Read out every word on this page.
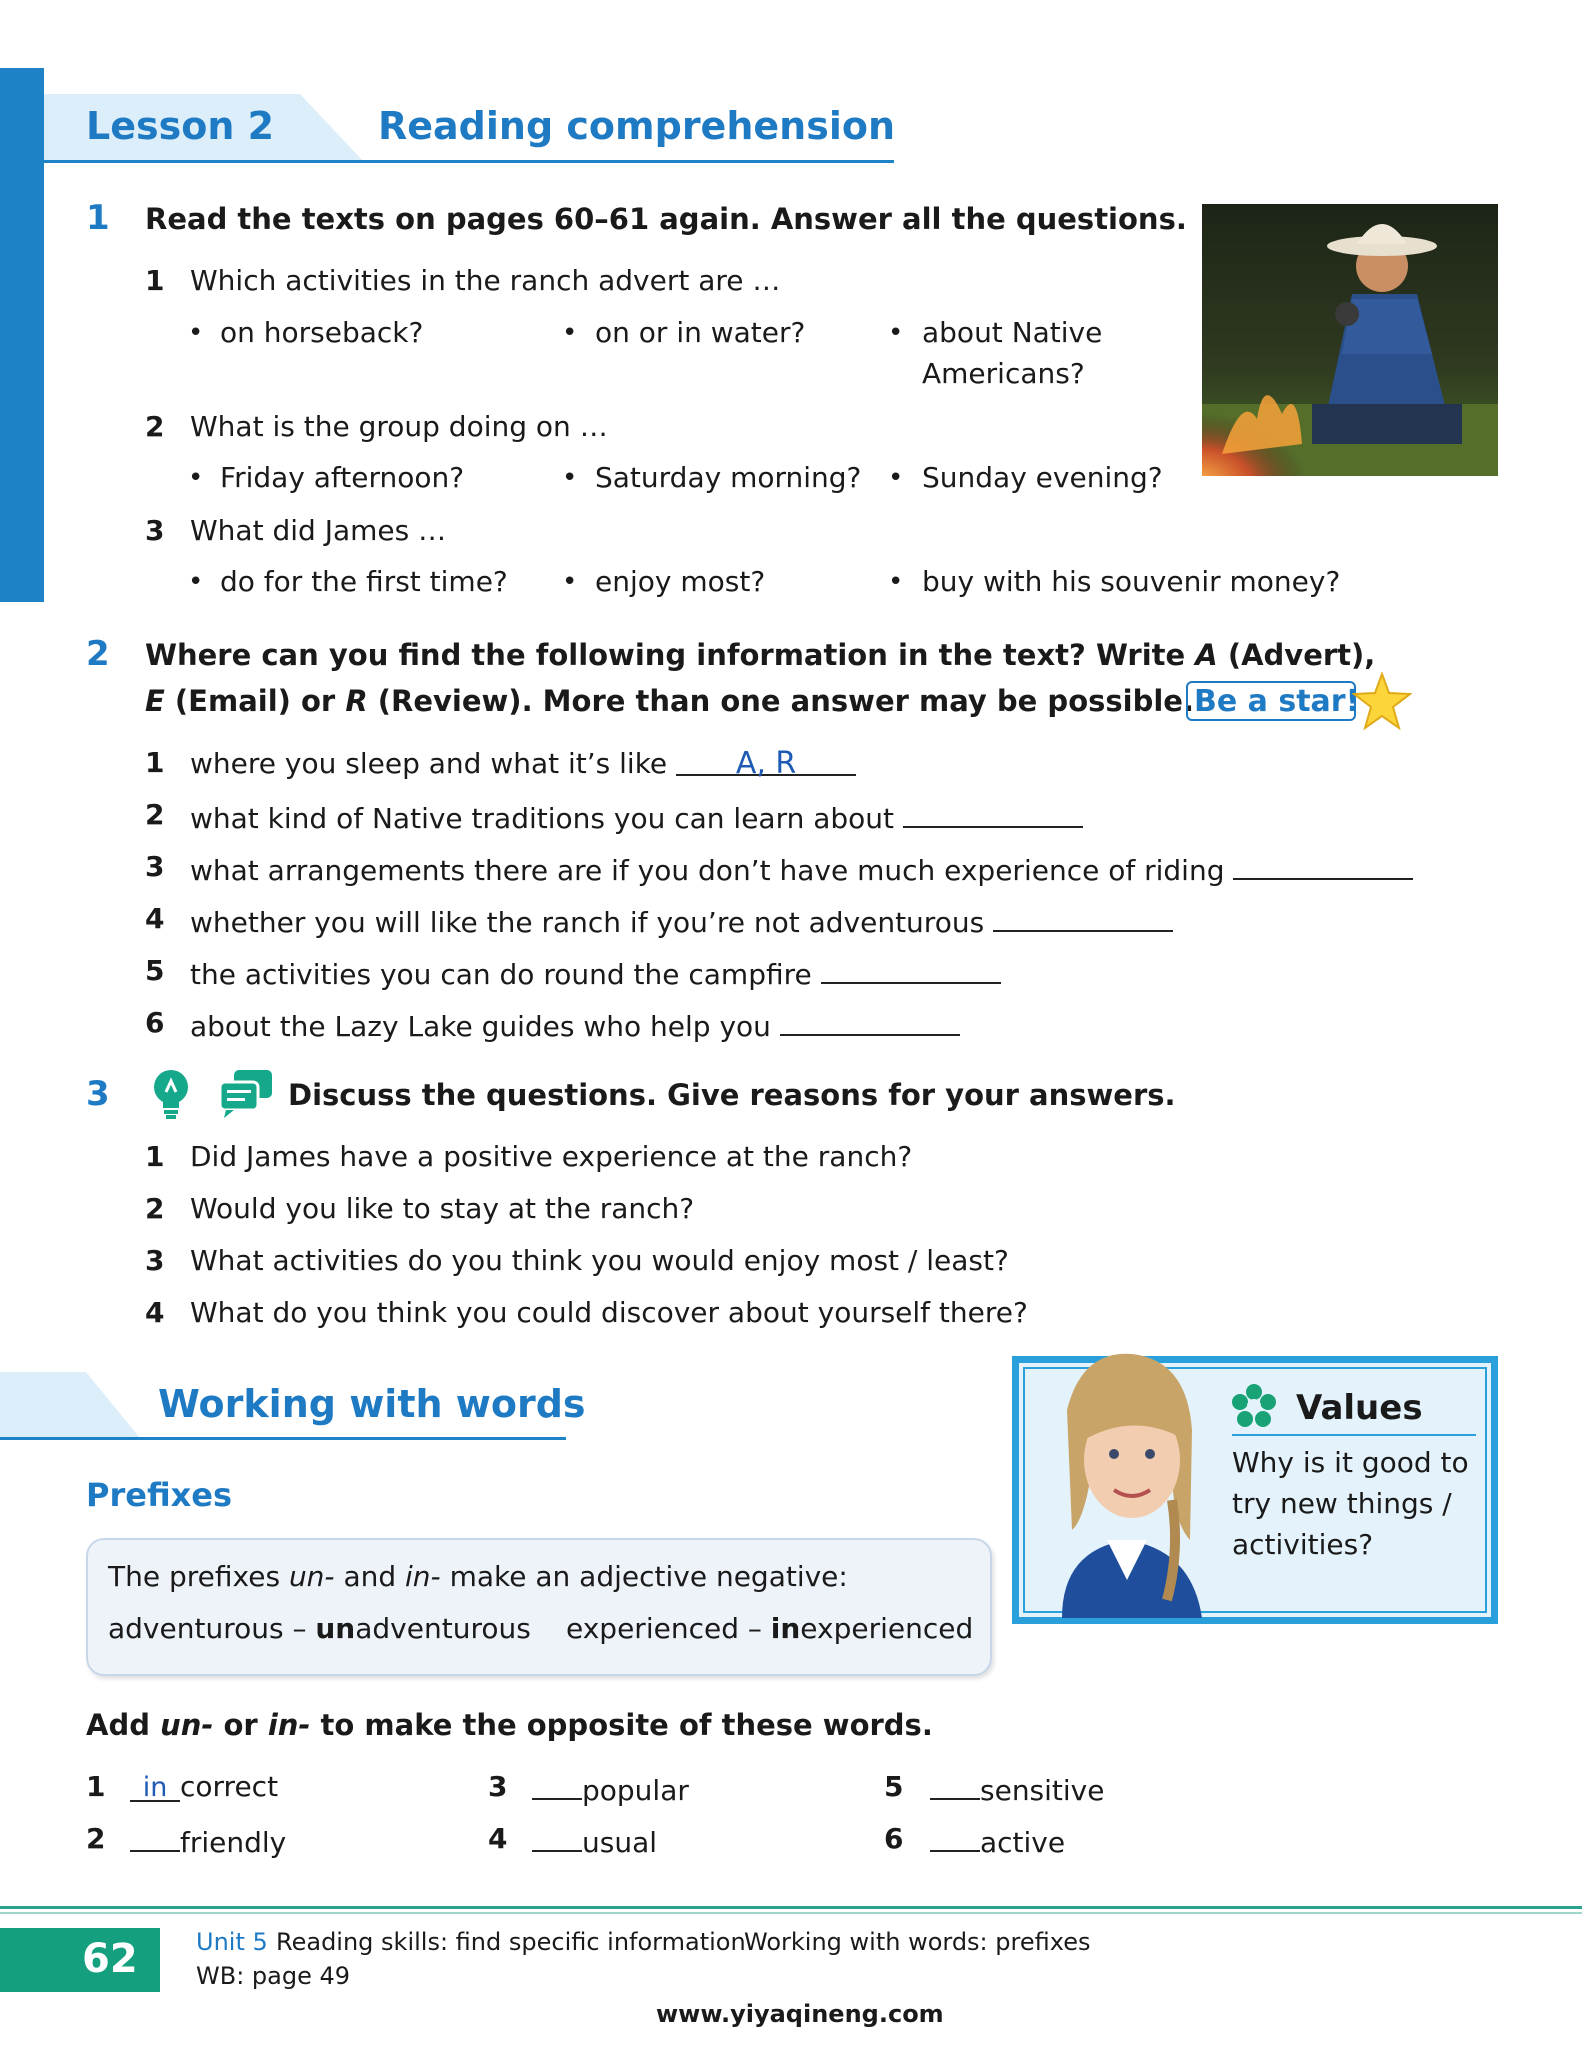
Lesson 2	Reading comprehension
1 Read the texts on pages 60–61 again. Answer all the questions.
1 Which activities in the ranch advert are …
• on horseback?	• on or in water?	• about Native
Americans?
2 What is the group doing on …
• Friday afternoon?	• Saturday morning? • Sunday evening?
3 What did James …
• do for the first time? • enjoy most?	• buy with his souvenir money?
2 Where can you find the following information in the text? Write A (Advert),
E (Email) or R (Review). More than one answer may be possible. Be a star!
1 where you sleep and what it’s like A, R
2 what kind of Native traditions you can learn about
3 what arrangements there are if you don’t have much experience of riding
4 whether you will like the ranch if you’re not adventurous
5 the activities you can do round the campfire
6 about the Lazy Lake guides who help you
3	Discuss the questions. Give reasons for your answers.
1 Did James have a positive experience at the ranch?
2 Would you like to stay at the ranch?
3 What activities do you think you would enjoy most / least?
4 What do you think you could discover about yourself there?
Working with words
Prefixes
The prefixes un- and in- make an adjective negative:
adventurous – unadventurous experienced – inexperienced
Add un- or in- to make the opposite of these words.
1	in correct
2	friendly
3	popular
4	usual
5	sensitive
6	active
Values
Why is it good to
try new things /
activities?
62 Unit 5 Reading skills: find specific information
Working with words: prefixes
WB: page 49
www.yiyaqineng.com
